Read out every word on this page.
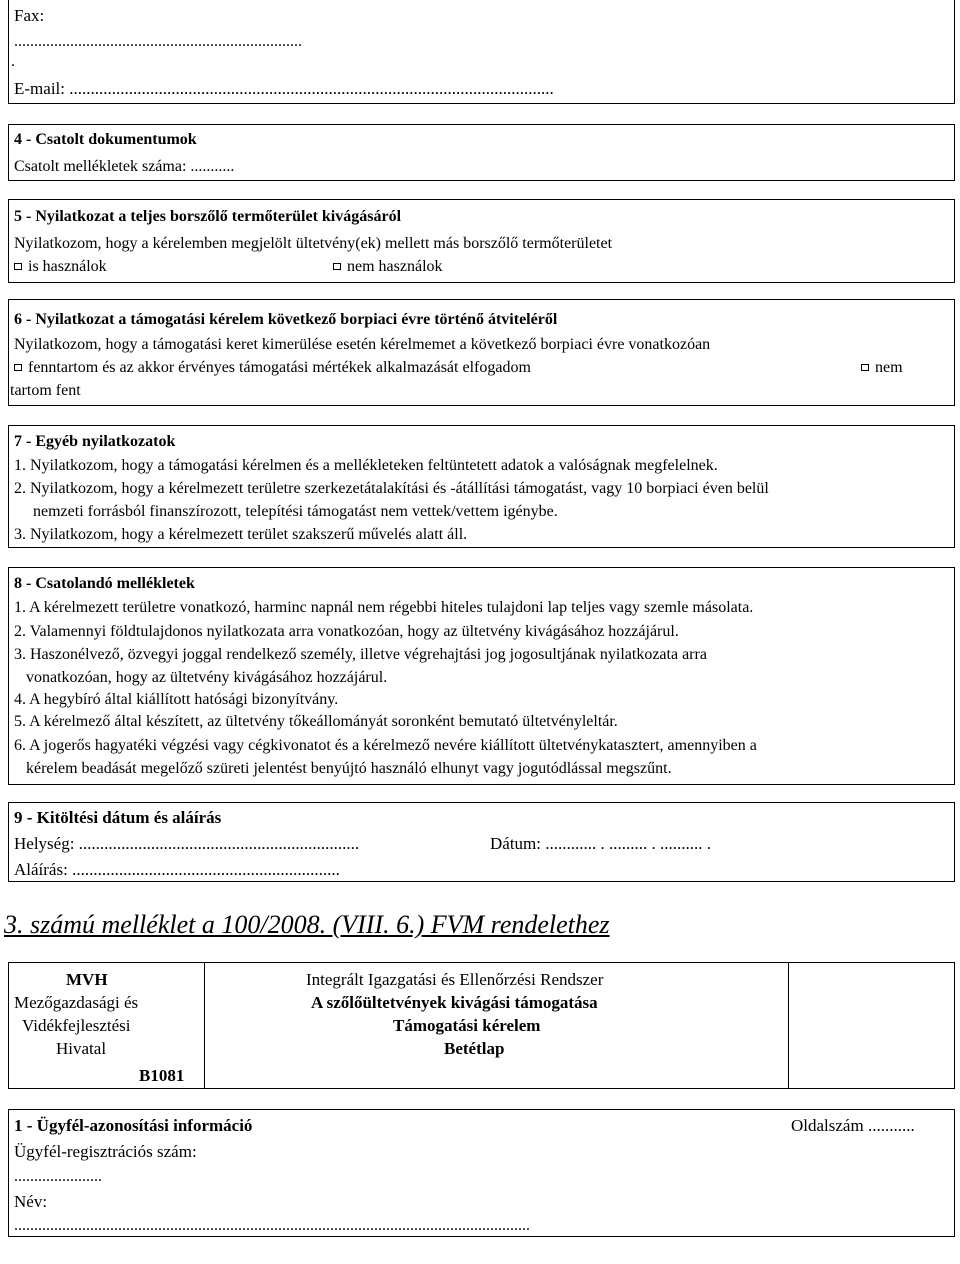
Fax:
........................................................................
.
E-mail: ..................................................................................................................
4 - Csatolt dokumentumok
Csatolt mellékletek száma: ...........
5 - Nyilatkozat a teljes borszőlő termőterület kivágásáról
Nyilatkozom, hogy a kérelemben megjelölt ültetvény(ek) mellett más borszőlő termőterületet
is használok	nem használok
6 - Nyilatkozat a támogatási kérelem következő borpiaci évre történő átviteléről
Nyilatkozom, hogy a támogatási keret kimerülése esetén kérelmemet a következő borpiaci évre vonatkozóan
fenntartom és az akkor érvényes támogatási mértékek alkalmazását elfogadom	nem
tartom fent
7 - Egyéb nyilatkozatok
1. Nyilatkozom, hogy a támogatási kérelmen és a mellékleteken feltüntetett adatok a valóságnak megfelelnek.
2. Nyilatkozom, hogy a kérelmezett területre szerkezetátalakítási és -átállítási támogatást, vagy 10 borpiaci éven belül
nemzeti forrásból finanszírozott, telepítési támogatást nem vettek/vettem igénybe.
3. Nyilatkozom, hogy a kérelmezett terület szakszerű művelés alatt áll.
8 - Csatolandó mellékletek
1. A kérelmezett területre vonatkozó, harminc napnál nem régebbi hiteles tulajdoni lap teljes vagy szemle másolata.
2. Valamennyi földtulajdonos nyilatkozata arra vonatkozóan, hogy az ültetvény kivágásához hozzájárul.
3. Haszonélvező, özvegyi joggal rendelkező személy, illetve végrehajtási jog jogosultjának nyilatkozata arra
vonatkozóan, hogy az ültetvény kivágásához hozzájárul.
4. A hegybíró által kiállított hatósági bizonyítvány.
5. A kérelmező által készített, az ültetvény tőkeállományát soronként bemutató ültetvényleltár.
6. A jogerős hagyatéki végzési vagy cégkivonatot és a kérelmező nevére kiállított ültetvénykatasztert, amennyiben a
kérelem beadását megelőző szüreti jelentést benyújtó használó elhunyt vagy jogutódlással megszűnt.
9 - Kitöltési dátum és aláírás
Helység: ..................................................................	Dátum: ............ . ......... . .......... .
Aláírás: ...............................................................
3. számú melléklet a 100/2008. (VIII. 6.) FVM rendelethez
MVH
Mezőgazdasági és
Vidékfejlesztési
Hivatal
B1081
Integrált Igazgatási és Ellenőrzési Rendszer
A szőlőültetvények kivágási támogatása
Támogatási kérelem
Betétlap
1 - Ügyfél-azonosítási információ	Oldalszám ...........
Ügyfél-regisztrációs szám:
......................
Név:
.................................................................................................................................
